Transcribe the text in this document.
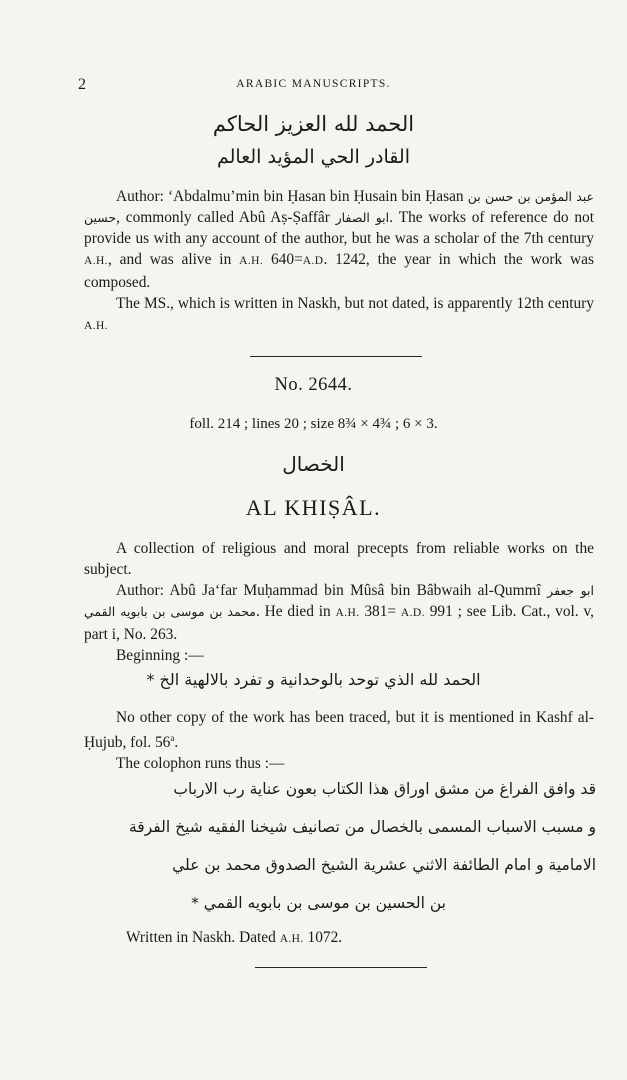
2	ARABIC MANUSCRIPTS.
الحمد لله العزيز الحاكم
القادر الحي المؤيد العالم

Author: ‘Abdalmu’min bin Ḥasan bin Ḥusain bin Ḥasan عبد المؤمن بن حسن بن حسين, commonly called Abû Aṣ-Ṣaffâr ابو الصفار. The works of reference do not provide us with any account of the author, but he was a scholar of the 7th century A.H., and was alive in A.H. 640=A.D. 1242, the year in which the work was composed.

The MS., which is written in Naskh, but not dated, is apparently 12th century A.H.

No. 2644.
foll. 214 ; lines 20 ; size 8¾ × 4¾ ; 6 × 3.
الخصال
AL KHIṢÂL.

A collection of religious and moral precepts from reliable works on the subject.

Author: Abû Ja‘far Muḥammad bin Mûsâ bin Bâbwaih al-Qummî ابو جعفر محمد بن موسى بن بابويه القمي. He died in A.H. 381= A.D. 991 ; see Lib. Cat., vol. v, part i, No. 263.

Beginning :—

الحمد لله الذي توحد بالوحدانية و تفرد بالالهية الخ *

No other copy of the work has been traced, but it is mentioned in Kashf al-Ḥujub, fol. 56$^a$.

The colophon runs thus :—

قد وافق الفراغ من مشق اوراق هذا الكتاب بعون عناية رب الارباب
و مسبب الاسباب المسمى بالخصال من تصانيف شيخنا الفقيه شيخ الفرقة
الامامية و امام الطائفة الاثني عشرية الشيخ الصدوق محمد بن علي
بن الحسين بن موسى بن بابويه القمي *
Written in Naskh. Dated A.H. 1072.
